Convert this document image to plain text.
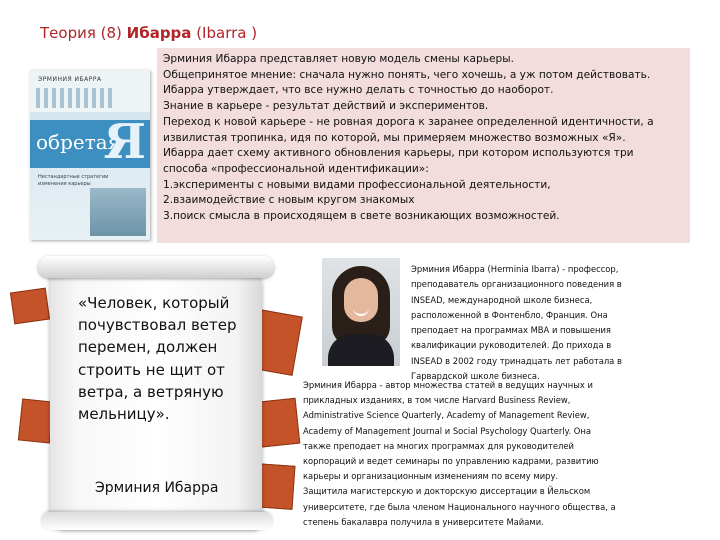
Теория (8) Ибарра (Ibarra )
ЭРМИНИЯ ИБАРРА
обретая
Я
Нестандартные стратегии изменения карьеры

Эрминия Ибарра представляет новую модель смены карьеры.

Общепринятое мнение: сначала нужно понять, чего хочешь, а уж потом действовать.

Ибарра утверждает, что все нужно делать с точностью до наоборот.

Знание в карьере - результат действий и экспериментов.

Переход к новой карьере - не ровная дорога к заранее определенной идентичности, а

извилистая тропинка, идя по которой, мы примеряем множество возможных «Я».

Ибарра дает схему активного обновления карьеры, при котором используются три

способа «профессиональной идентификации»:

1.эксперименты с новыми видами профессиональной деятельности,

2.взаимодействие с новым кругом знакомых

3.поиск смысла в происходящем в свете возникающих возможностей.

«Человек, который почувствовал ветер перемен, должен строить не щит от ветра, а ветряную мельницу».
Эрминия Ибарра

Эрминия Ибарра (Herminia Ibarra) - профессор,

преподаватель организационного поведения в

INSEAD, международной школе бизнеса,

расположенной в Фонтенбло, Франция. Она

преподает на программах MBA и повышения

квалификации руководителей. До прихода в

INSEAD в 2002 году тринадцать лет работала в

Гарвардской школе бизнеса.

Эрминия Ибарра - автор множества статей в ведущих научных и

прикладных изданиях, в том числе Harvard Business Review,

Administrative Science Quarterly, Academy of Management Review,

Academy of Management Journal и Social Psychology Quarterly. Она

также преподает на многих программах для руководителей

корпораций и ведет семинары по управлению кадрами, развитию

карьеры и организационным изменениям по всему миру.

Защитила магистерскую и докторскую диссертации в Йельском

университете, где была членом Национального научного общества, а

степень бакалавра получила в университете Майами.
